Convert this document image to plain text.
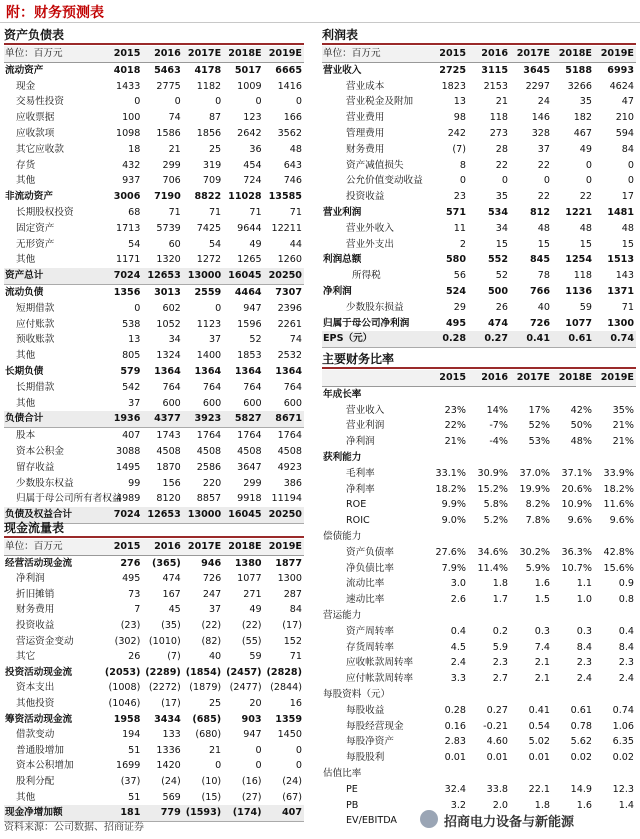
附：财务预测表
资产负债表
单位：百万元	2015	2016	2017E	2018E	2019E
流动资产	4018	5463	4178	5017	6665
现金	1433	2775	1182	1009	1416
交易性投资	0	0	0	0	0
应收票据	100	74	87	123	166
应收款项	1098	1586	1856	2642	3562
其它应收款	18	21	25	36	48
存货	432	299	319	454	643
其他	937	706	709	724	746
非流动资产	3006	7190	8822	11028	13585
长期股权投资	68	71	71	71	71
固定资产	1713	5739	7425	9644	12211
无形资产	54	60	54	49	44
其他	1171	1320	1272	1265	1260
资产总计	7024	12653	13000	16045	20250
流动负债	1356	3013	2559	4464	7307
短期借款	0	602	0	947	2396
应付账款	538	1052	1123	1596	2261
预收账款	13	34	37	52	74
其他	805	1324	1400	1853	2532
长期负债	579	1364	1364	1364	1364
长期借款	542	764	764	764	764
其他	37	600	600	600	600
负债合计	1936	4377	3923	5827	8671
股本	407	1743	1764	1764	1764
资本公积金	3088	4508	4508	4508	4508
留存收益	1495	1870	2586	3647	4923
少数股东权益	99	156	220	299	386
归属于母公司所有者权益	4989	8120	8857	9918	11194
负债及权益合计	7024	12653	13000	16045	20250
现金流量表
单位：百万元	2015	2016	2017E	2018E	2019E
经营活动现金流	276	(365)	946	1380	1877
净利润	495	474	726	1077	1300
折旧摊销	73	167	247	271	287
财务费用	7	45	37	49	84
投资收益	(23)	(35)	(22)	(22)	(17)
营运资金变动	(302)	(1010)	(82)	(55)	152
其它	26	(7)	40	59	71
投资活动现金流	(2053)	(2289)	(1854)	(2457)	(2828)
资本支出	(1008)	(2272)	(1879)	(2477)	(2844)
其他投资	(1046)	(17)	25	20	16
筹资活动现金流	1958	3434	(685)	903	1359
借款变动	194	133	(680)	947	1450
普通股增加	51	1336	21	0	0
资本公积增加	1699	1420	0	0	0
股利分配	(37)	(24)	(10)	(16)	(24)
其他	51	569	(15)	(27)	(67)
现金净增加额	181	779	(1593)	(174)	407
利润表
单位：百万元	2015	2016	2017E	2018E	2019E
营业收入	2725	3115	3645	5188	6993
营业成本	1823	2153	2297	3266	4624
营业税金及附加	13	21	24	35	47
营业费用	98	118	146	182	210
管理费用	242	273	328	467	594
财务费用	(7)	28	37	49	84
资产减值损失	8	22	22	0	0
公允价值变动收益	0	0	0	0	0
投资收益	23	35	22	22	17
营业利润	571	534	812	1221	1481
营业外收入	11	34	48	48	48
营业外支出	2	15	15	15	15
利润总额	580	552	845	1254	1513
所得税	56	52	78	118	143
净利润	524	500	766	1136	1371
少数股东损益	29	26	40	59	71
归属于母公司净利润	495	474	726	1077	1300
EPS（元）	0.28	0.27	0.41	0.61	0.74
主要财务比率
	2015	2016	2017E	2018E	2019E
年成长率					
营业收入	23%	14%	17%	42%	35%
营业利润	22%	-7%	52%	50%	21%
净利润	21%	-4%	53%	48%	21%
获利能力					
毛利率	33.1%	30.9%	37.0%	37.1%	33.9%
净利率	18.2%	15.2%	19.9%	20.6%	18.2%
ROE	9.9%	5.8%	8.2%	10.9%	11.6%
ROIC	9.0%	5.2%	7.8%	9.6%	9.6%
偿债能力					
资产负债率	27.6%	34.6%	30.2%	36.3%	42.8%
净负债比率	7.9%	11.4%	5.9%	10.7%	15.6%
流动比率	3.0	1.8	1.6	1.1	0.9
速动比率	2.6	1.7	1.5	1.0	0.8
营运能力					
资产周转率	0.4	0.2	0.3	0.3	0.4
存货周转率	4.5	5.9	7.4	8.4	8.4
应收帐款周转率	2.4	2.3	2.1	2.3	2.3
应付帐款周转率	3.3	2.7	2.1	2.4	2.4
每股资料（元）					
每股收益	0.28	0.27	0.41	0.61	0.74
每股经营现金	0.16	-0.21	0.54	0.78	1.06
每股净资产	2.83	4.60	5.02	5.62	6.35
每股股利	0.01	0.01	0.01	0.02	0.02
估值比率					
PE	32.4	33.8	22.1	14.9	12.3
PB	3.2	2.0	1.8	1.6	1.4
EV/EBITDA					
资料来源：公司数据、招商证券	招商电力设备与新能源
